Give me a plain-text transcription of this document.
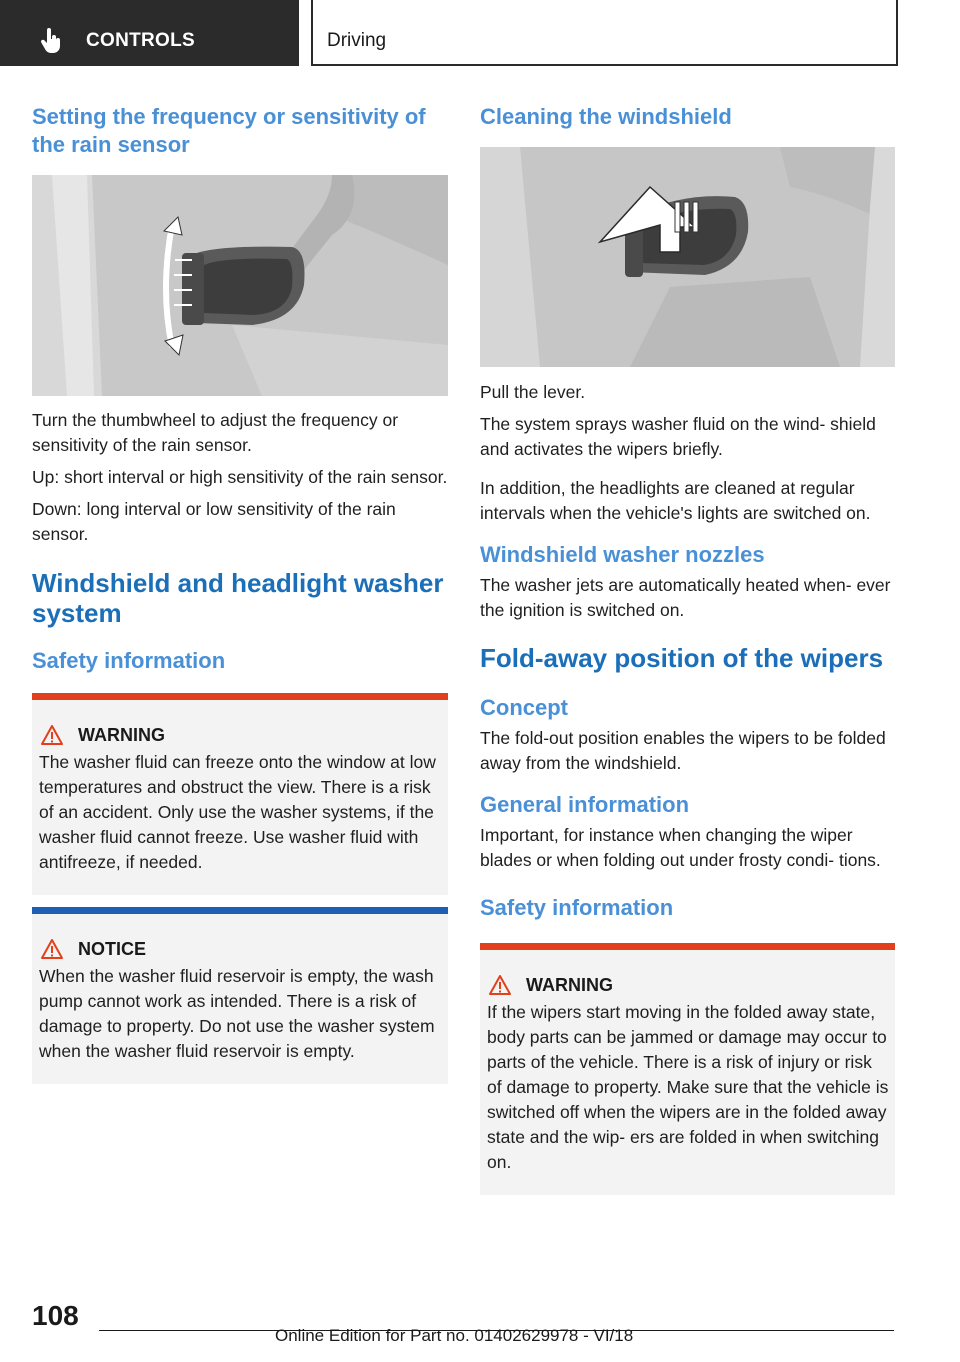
CONTROLS	Driving
Setting the frequency or sensitivity of the rain sensor

Turn the thumbwheel to adjust the frequency or sensitivity of the rain sensor.

Up: short interval or high sensitivity of the rain sensor.

Down: long interval or low sensitivity of the rain sensor.

Windshield and headlight washer system
Safety information
WARNING

The washer fluid can freeze onto the window at low temperatures and obstruct the view. There is a risk of an accident. Only use the washer systems, if the washer fluid cannot freeze. Use washer fluid with antifreeze, if needed.

NOTICE

When the washer fluid reservoir is empty, the wash pump cannot work as intended. There is a risk of damage to property. Do not use the washer system when the washer fluid reservoir is empty.

Cleaning the windshield

Pull the lever.

The system sprays washer fluid on the wind‐ shield and activates the wipers briefly.

In addition, the headlights are cleaned at regular intervals when the vehicle's lights are switched on.

Windshield washer nozzles

The washer jets are automatically heated when‐ ever the ignition is switched on.

Fold-away position of the wipers
Concept

The fold-out position enables the wipers to be folded away from the windshield.

General information

Important, for instance when changing the wiper blades or when folding out under frosty condi‐ tions.

Safety information
WARNING

If the wipers start moving in the folded away state, body parts can be jammed or damage may occur to parts of the vehicle. There is a risk of injury or risk of damage to property. Make sure that the vehicle is switched off when the wipers are in the folded away state and the wip‐ ers are folded in when switching on.

108
Online Edition for Part no. 01402629978 - VI/18
